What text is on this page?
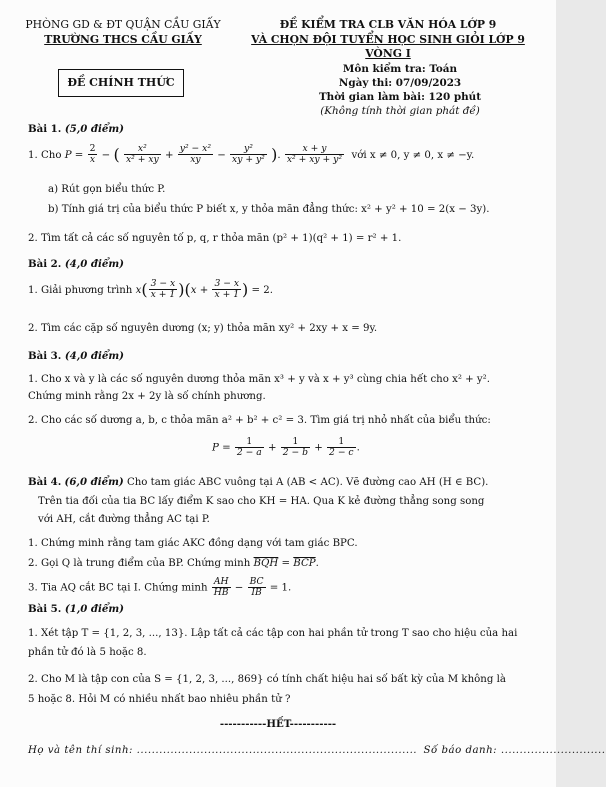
PHÒNG GD & ĐT QUẬN CẦU GIẤY
TRƯỜNG THCS CẦU GIẤY
ĐỀ KIỂM TRA CLB VĂN HÓA LỚP 9
VÀ CHỌN ĐỘI TUYỂN HỌC SINH GIỎI LỚP 9 VÒNG I
ĐỀ CHÍNH THỨC
Môn kiểm tra: Toán
Ngày thi: 07/09/2023
Thời gian làm bài: 120 phút
(Không tính thời gian phát đề)
Bài 1. (5,0 điểm)
1. Cho $P = \frac{2}{x}$ − ( $\frac{\text{x²}}{\text{x² + xy}} + \frac{\text{y² − x²}}{xy} - \frac{\text{y²}}{\text{xy + y²}}$ ). $\frac{x + y}{\text{x² + xy + y²}}$ với x ≠ 0, y ≠ 0, x ≠ −y.
a) Rút gọn biểu thức P.
b) Tính giá trị của biểu thức P biết x, y thỏa mãn đẳng thức: x² + y² + 10 = 2(x − 3y).
2. Tìm tất cả các số nguyên tố p, q, r thỏa mãn (p² + 1)(q² + 1) = r² + 1.
Bài 2. (4,0 điểm)
1. Giải phương trình $x( \frac{3 - x}{x + 1} )(x + \frac{3 - x}{x + 1}$ ) = 2.
2. Tìm các cặp số nguyên dương (x; y) thỏa mãn xy² + 2xy + x = 9y.
Bài 3. (4,0 điểm)
1. Cho x và y là các số nguyên dương thỏa mãn x³ + y và x + y³ cùng chia hết cho x² + y².
Chứng minh rằng 2x + 2y là số chính phương.
2. Cho các số dương a, b, c thỏa mãn a² + b² + c² = 3. Tìm giá trị nhỏ nhất của biểu thức:
$P = \frac{1}{2 - a} + \frac{1}{2 - b} + \frac{1}{2 - c}$ .
Bài 4. (6,0 điểm) Cho tam giác ABC vuông tại A (AB < AC). Vẽ đường cao AH (H ∈ BC).
Trên tia đối của tia BC lấy điểm K sao cho KH = HA. Qua K kẻ đường thẳng song song
với AH, cắt đường thẳng AC tại P.
1. Chứng minh rằng tam giác AKC đồng dạng với tam giác BPC.
2. Gọi Q là trung điểm của BP. Chứng minh $\overline{BQH} = \overline{BCP}$.
3. Tia AQ cắt BC tại I. Chứng minh $\frac{AH}{HB} - \frac{BC}{IB} = 1$.
Bài 5. (1,0 điểm)
1. Xét tập T = {1, 2, 3, ..., 13}. Lập tất cả các tập con hai phần tử trong T sao cho hiệu của hai
phần tử đó là 5 hoặc 8.
2. Cho M là tập con của S = {1, 2, 3, ..., 869} có tính chất hiệu hai số bất kỳ của M không là
5 hoặc 8. Hỏi M có nhiều nhất bao nhiêu phần tử ?
-----------HẾT-----------
Họ và tên thí sinh: ........................................................................... Số báo danh: ............................
